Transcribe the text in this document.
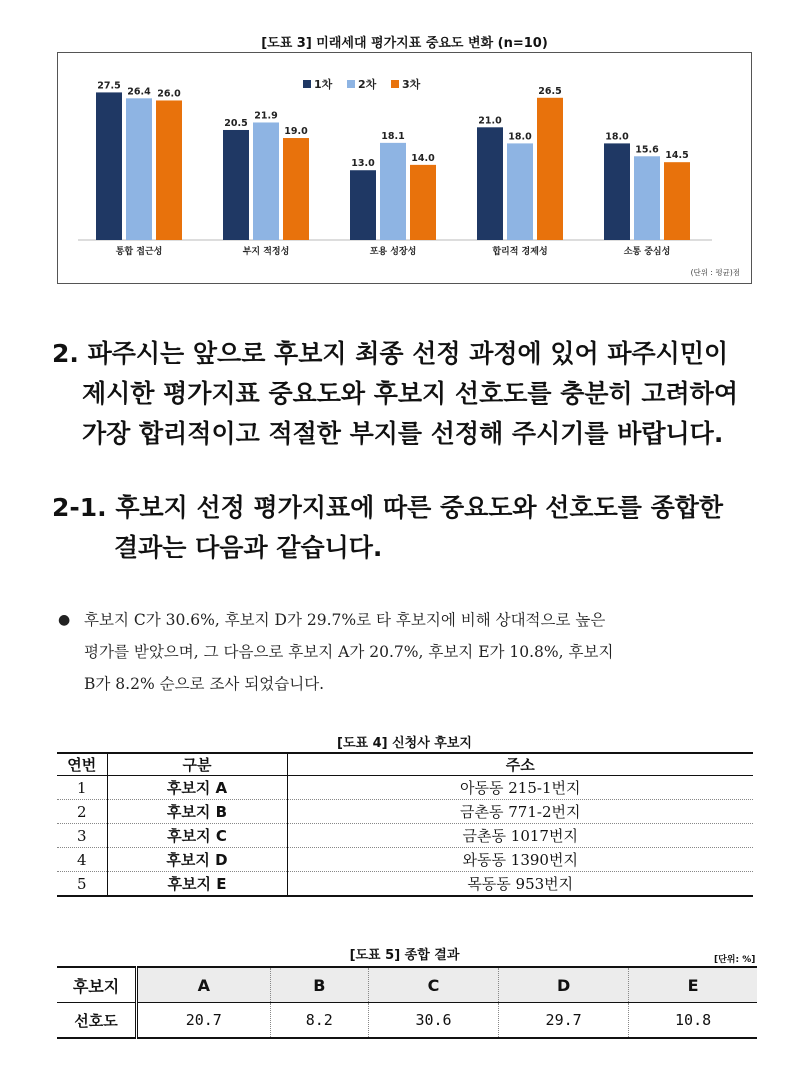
[도표 3] 미래세대 평가지표 중요도 변화 (n=10)
27.5
26.4 26.0
통합 접근성
20.5
21.9
19.0
부지 적정성
13.0
18.1
14.0
포용 성장성
21.0
18.0
26.5
합리적 경제성
18.0
15.6
14.5
소통 중심성
1차 2차 3차
(단위 : 평균)점
2. 파주시는 앞으로 후보지 최종 선정 과정에 있어 파주시민이
제시한 평가지표 중요도와 후보지 선호도를 충분히 고려하여
가장 합리적이고 적절한 부지를 선정해 주시기를 바랍니다.
2-1. 후보지 선정 평가지표에 따른 중요도와 선호도를 종합한
결과는 다음과 같습니다.
● 후보지 C가 30.6%, 후보지 D가 29.7%로 타 후보지에 비해 상대적으로 높은
평가를 받았으며, 그 다음으로 후보지 A가 20.7%, 후보지 E가 10.8%, 후보지
B가 8.2% 순으로 조사 되었습니다.
[도표 4] 신청사 후보지
연번	구분	주소
1	후보지 A	아동동 215-1번지
2	후보지 B	금촌동 771-2번지
3	후보지 C	금촌동 1017번지
4	후보지 D	와동동 1390번지
5	후보지 E	목동동 953번지
[도표 5] 종합 결과	[단위: %]
후보지	A	B	C	D	E
선호도	20.7	8.2	30.6	29.7	10.8
